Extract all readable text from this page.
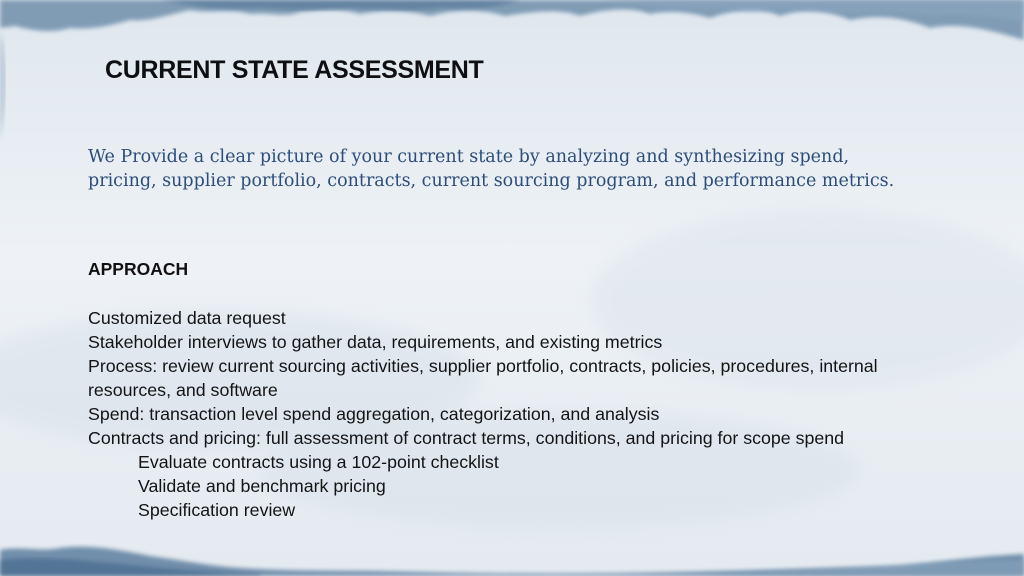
CURRENT STATE ASSESSMENT
We Provide a clear picture of your current state by analyzing and synthesizing spend, pricing, supplier portfolio, contracts, current sourcing program, and performance metrics.
APPROACH
Customized data request
Stakeholder interviews to gather data, requirements, and existing metrics
Process: review current sourcing activities, supplier portfolio, contracts, policies, procedures, internal resources, and software
Spend: transaction level spend aggregation, categorization, and analysis
Contracts and pricing: full assessment of contract terms, conditions, and pricing for scope spend
Evaluate contracts using a 102-point checklist
Validate and benchmark pricing
Specification review
